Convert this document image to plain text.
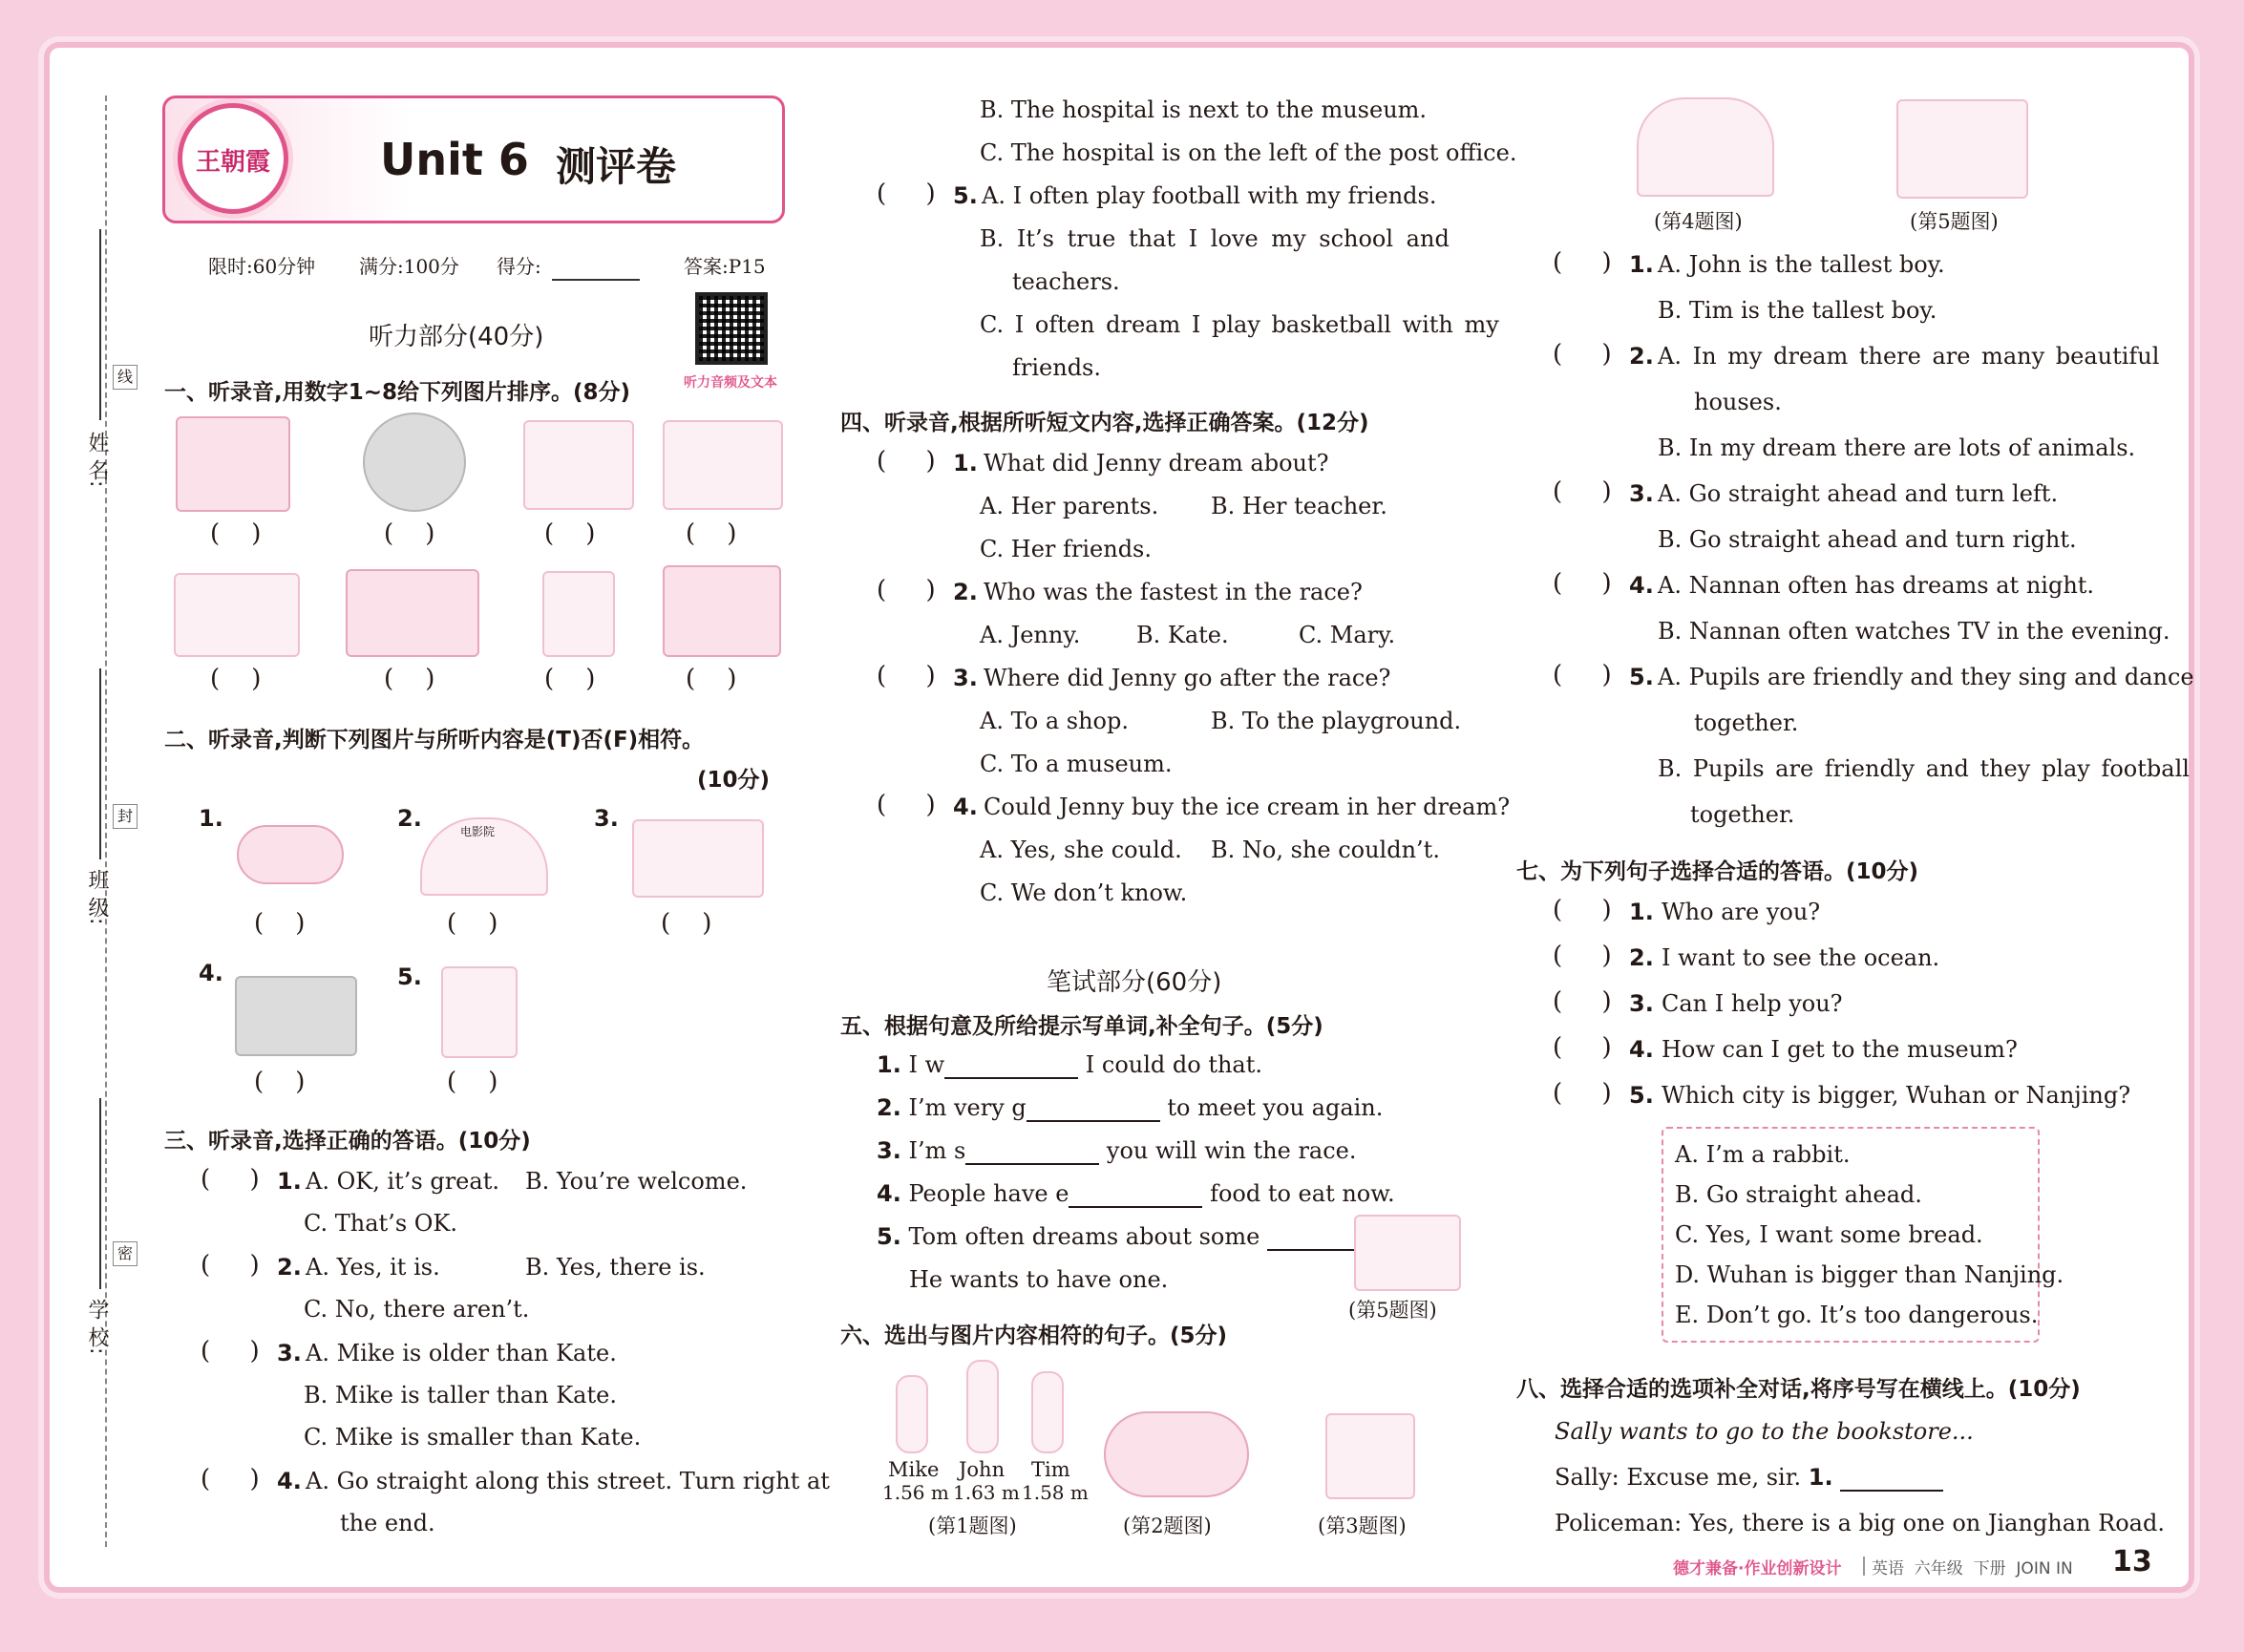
线
封
密
姓 名:
班 级:
学 校:
王朝霞	Unit 6 测评卷
限时:60分钟 满分:100分 得分:	答案:P15
听力音频及文本
听力部分(40分)
一、听录音,用数字1~8给下列图片排序。(8分)
(    )	(    )	(    )	(    )
(    )	(    )	(    )	(    )
二、听录音,判断下列图片与所听内容是(T)否(F)相符。
(10分)
1.	2.	电影院	3.
(    )	(    )	(    )
4.	5.
(    )	(    )
三、听录音,选择正确的答语。(10分)
(     ) 1. A. OK, it’s great. B. You’re welcome.
C. That’s OK.
(     ) 2. A. Yes, it is.	B. Yes, there is.
C. No, there aren’t.
(     ) 3. A. Mike is older than Kate.
B. Mike is taller than Kate.
C. Mike is smaller than Kate.
(     ) 4. A. Go straight along this street. Turn right at
the end.
B. The hospital is next to the museum.
C. The hospital is on the left of the post office.
(     ) 5. A. I often play football with my friends.
B. It’s true that I love my school and
teachers.
C. I often dream I play basketball with my
friends.
四、听录音,根据所听短文内容,选择正确答案。(12分)
(     ) 1. What did Jenny dream about?
A. Her parents. B. Her teacher.
C. Her friends.
(     ) 2. Who was the fastest in the race?
A. Jenny. B. Kate.	C. Mary.
(     ) 3. Where did Jenny go after the race?
A. To a shop.	B. To the playground.
C. To a museum.
(     ) 4. Could Jenny buy the ice cream in her dream?
A. Yes, she could. B. No, she couldn’t.
C. We don’t know.
笔试部分(60分)
五、根据句意及所给提示写单词,补全句子。(5分)
1. I w	I could do that.
2. I’m very g	to meet you again.
3. I’m s	you will win the race.
4. People have e	food to eat now.
5. Tom often dreams about some
He wants to have one.
(第5题图)
六、选出与图片内容相符的句子。(5分)
Mike John Tim
1.56 m 1.63 m 1.58 m
(第1题图)	(第2题图)	(第3题图)
(第4题图)	(第5题图)
(     ) 1. A. John is the tallest boy.
B. Tim is the tallest boy.
(     ) 2. A. In my dream there are many beautiful
houses.
B. In my dream there are lots of animals.
(     ) 3. A. Go straight ahead and turn left.
B. Go straight ahead and turn right.
(     ) 4. A. Nannan often has dreams at night.
B. Nannan often watches TV in the evening.
(     ) 5. A. Pupils are friendly and they sing and dance
together.
B. Pupils are friendly and they play football
together.
七、为下列句子选择合适的答语。(10分)
(     ) 1. Who are you?
(     ) 2. I want to see the ocean.
(     ) 3. Can I help you?
(     ) 4. How can I get to the museum?
(     ) 5. Which city is bigger, Wuhan or Nanjing?
A. I’m a rabbit.
B. Go straight ahead.
C. Yes, I want some bread.
D. Wuhan is bigger than Nanjing.
E. Don’t go. It’s too dangerous.
八、选择合适的选项补全对话,将序号写在横线上。(10分)
Sally wants to go to the bookstore...
Sally: Excuse me, sir. 1.
Policeman: Yes, there is a big one on Jianghan Road.
德才兼备·作业创新设计 英语  六年级  下册  JOIN IN 13
